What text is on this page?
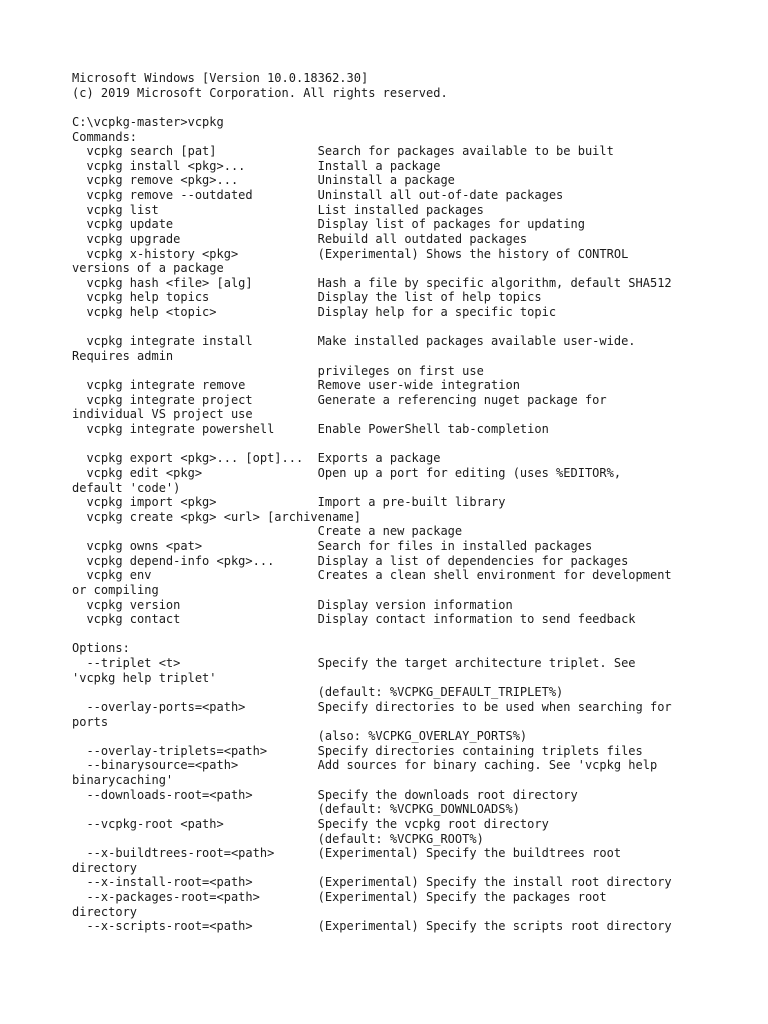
Microsoft Windows [Version 10.0.18362.30]
(c) 2019 Microsoft Corporation. All rights reserved.
C:\vcpkg-master>vcpkg
Commands:
vcpkg search [pat]              Search for packages available to be built
vcpkg install <pkg>...          Install a package
vcpkg remove <pkg>...           Uninstall a package
vcpkg remove --outdated         Uninstall all out-of-date packages
vcpkg list                      List installed packages
vcpkg update                    Display list of packages for updating
vcpkg upgrade                   Rebuild all outdated packages
vcpkg x-history <pkg>           (Experimental) Shows the history of CONTROL
versions of a package
vcpkg hash <file> [alg]         Hash a file by specific algorithm, default SHA512
vcpkg help topics               Display the list of help topics
vcpkg help <topic>              Display help for a specific topic
vcpkg integrate install         Make installed packages available user-wide.
Requires admin
privileges on first use
vcpkg integrate remove          Remove user-wide integration
vcpkg integrate project         Generate a referencing nuget package for
individual VS project use
vcpkg integrate powershell      Enable PowerShell tab-completion
vcpkg export <pkg>... [opt]...  Exports a package
vcpkg edit <pkg>                Open up a port for editing (uses %EDITOR%,
default 'code')
vcpkg import <pkg>              Import a pre-built library
vcpkg create <pkg> <url> [archivename]
Create a new package
vcpkg owns <pat>                Search for files in installed packages
vcpkg depend-info <pkg>...      Display a list of dependencies for packages
vcpkg env                       Creates a clean shell environment for development
or compiling
vcpkg version                   Display version information
vcpkg contact                   Display contact information to send feedback
Options:
--triplet <t>                   Specify the target architecture triplet. See
'vcpkg help triplet'
(default: %VCPKG_DEFAULT_TRIPLET%)
--overlay-ports=<path>          Specify directories to be used when searching for
ports
(also: %VCPKG_OVERLAY_PORTS%)
--overlay-triplets=<path>       Specify directories containing triplets files
--binarysource=<path>           Add sources for binary caching. See 'vcpkg help
binarycaching'
--downloads-root=<path>         Specify the downloads root directory
(default: %VCPKG_DOWNLOADS%)
--vcpkg-root <path>             Specify the vcpkg root directory
(default: %VCPKG_ROOT%)
--x-buildtrees-root=<path>      (Experimental) Specify the buildtrees root
directory
--x-install-root=<path>         (Experimental) Specify the install root directory
--x-packages-root=<path>        (Experimental) Specify the packages root
directory
--x-scripts-root=<path>         (Experimental) Specify the scripts root directory
